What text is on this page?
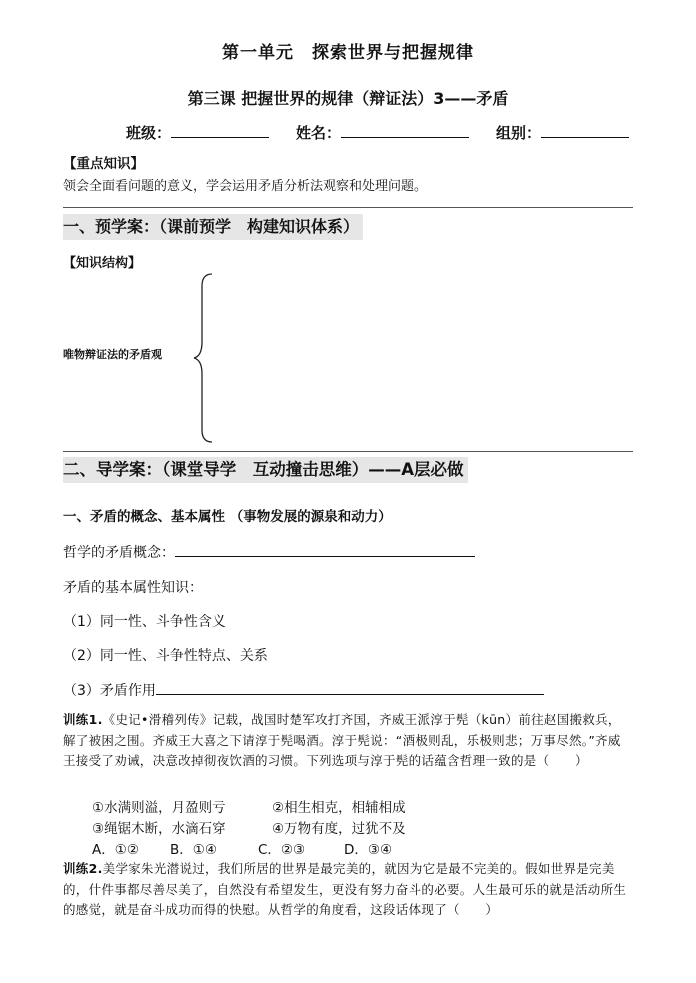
第一单元　探索世界与把握规律
第三课 把握世界的规律（辩证法）3——矛盾
班级：	姓名：	组别：
【重点知识】
领会全面看问题的意义，学会运用矛盾分析法观察和处理问题。
一、预学案：（课前预学　构建知识体系）
【知识结构】
唯物辩证法的矛盾观
二、导学案：（课堂导学　互动撞击思维）——A层必做
一、矛盾的概念、基本属性 （事物发展的源泉和动力）
哲学的矛盾概念：
矛盾的基本属性知识：
（1）同一性、斗争性含义
（2）同一性、斗争性特点、关系
（3）矛盾作用
训练1.《史记•滑稽列传》记载，战国时楚军攻打齐国，齐威王派淳于髡（kūn）前往赵国搬救兵，解了被困之围。齐威王大喜之下请淳于髡喝酒。淳于髡说：“酒极则乱，乐极则悲；万事尽然。”齐威王接受了劝诫，决意改掉彻夜饮酒的习惯。下列选项与淳于髡的话蕴含哲理一致的是（　　）
①水满则溢，月盈则亏	②相生相克，相辅相成
③绳锯木断，水滴石穿	④万物有度，过犹不及
A．①② B．①④	C．②③	D．③④
训练2.美学家朱光潜说过，我们所居的世界是最完美的，就因为它是最不完美的。假如世界是完美的，什件事都尽善尽美了，自然没有希望发生，更没有努力奋斗的必要。人生最可乐的就是活动所生的感觉，就是奋斗成功而得的快慰。从哲学的角度看，这段话体现了（　　）
